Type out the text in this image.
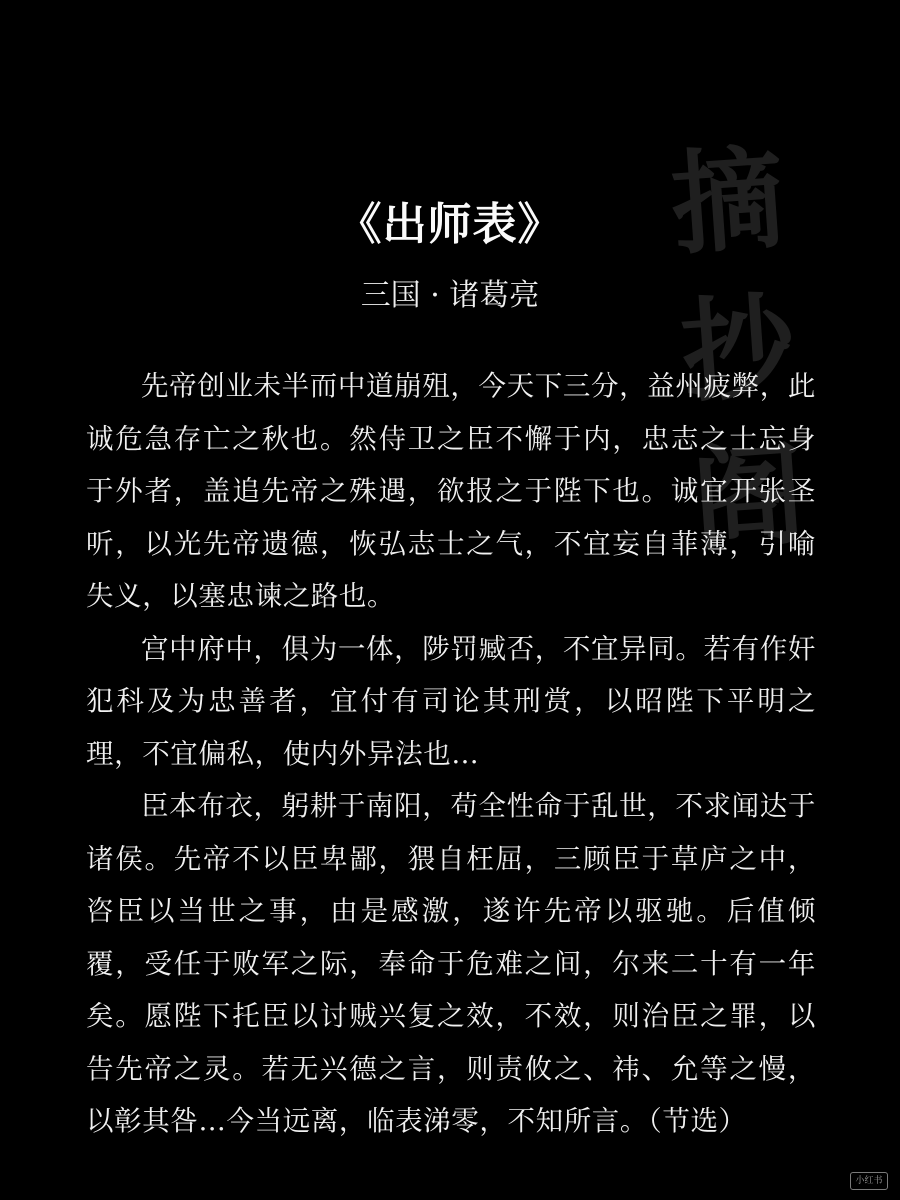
摘
抄
阁
《出师表》
三国 · 诸葛亮

先帝创业未半而中道崩殂，今天下三分，益州疲弊，此诚危急存亡之秋也。然侍卫之臣不懈于内，忠志之士忘身于外者，盖追先帝之殊遇，欲报之于陛下也。诚宜开张圣听，以光先帝遗德，恢弘志士之气，不宜妄自菲薄，引喻失义，以塞忠谏之路也。

宫中府中，俱为一体，陟罚臧否，不宜异同。若有作奸犯科及为忠善者，宜付有司论其刑赏，以昭陛下平明之理，不宜偏私，使内外异法也…

臣本布衣，躬耕于南阳，苟全性命于乱世，不求闻达于诸侯。先帝不以臣卑鄙，猥自枉屈，三顾臣于草庐之中，咨臣以当世之事，由是感激，遂许先帝以驱驰。后值倾覆，受任于败军之际，奉命于危难之间，尔来二十有一年矣。愿陛下托臣以讨贼兴复之效，不效，则治臣之罪，以告先帝之灵。若无兴德之言，则责攸之、祎、允等之慢，以彰其咎…今当远离，临表涕零，不知所言。（节选）

小红书
